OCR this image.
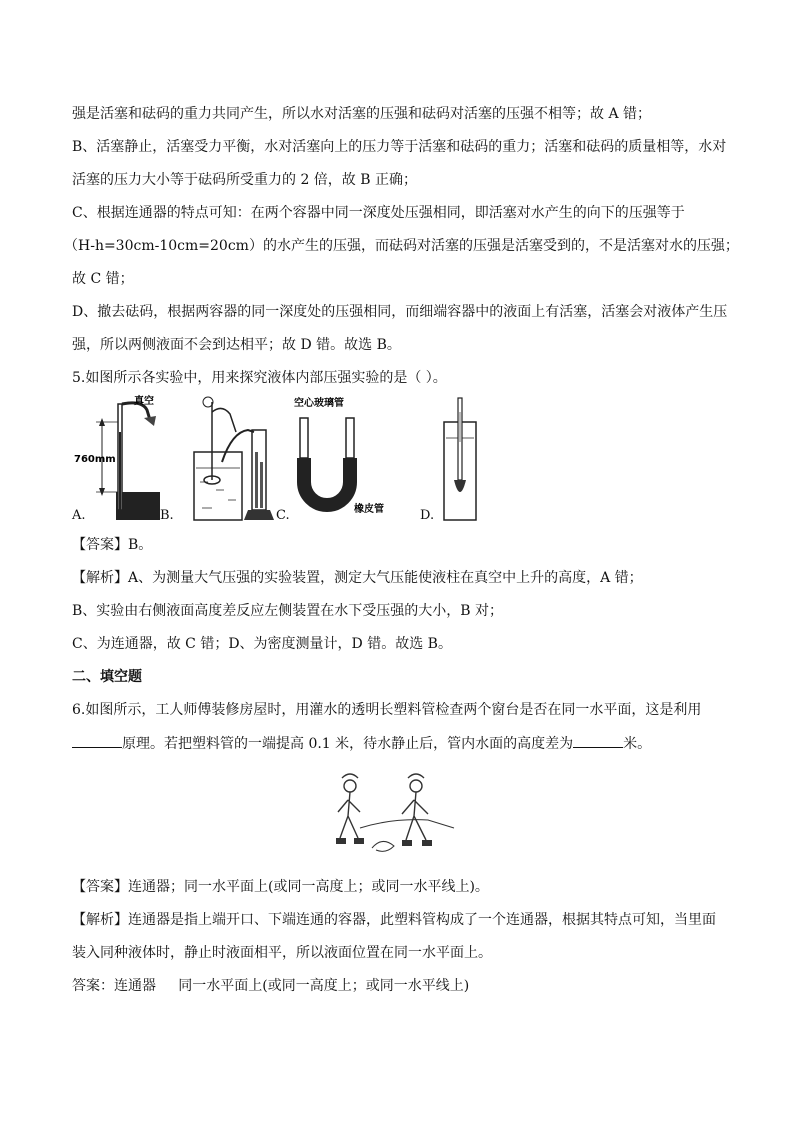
强是活塞和砝码的重力共同产生，所以水对活塞的压强和砝码对活塞的压强不相等；故 A 错；
B、活塞静止，活塞受力平衡，水对活塞向上的压力等于活塞和砝码的重力；活塞和砝码的质量相等，水对
活塞的压力大小等于砝码所受重力的 2 倍，故 B 正确；
C、根据连通器的特点可知：在两个容器中同一深度处压强相同，即活塞对水产生的向下的压强等于
（H-h=30cm-10cm=20cm）的水产生的压强，而砝码对活塞的压强是活塞受到的，不是活塞对水的压强；
故 C 错；
D、撤去砝码，根据两容器的同一深度处的压强相同，而细端容器中的液面上有活塞，活塞会对液体产生压
强，所以两侧液面不会到达相平；故 D 错。故选 B。
5.如图所示各实验中，用来探究液体内部压强实验的是（ ）。
真空
760mm
空心玻璃管
橡皮管
A.	B.	C.	D.
【答案】B。
【解析】A、为测量大气压强的实验装置，测定大气压能使液柱在真空中上升的高度，A 错；
B、实验由右侧液面高度差反应左侧装置在水下受压强的大小，B 对；
C、为连通器，故 C 错；D、为密度测量计，D 错。故选 B。
二、填空题
6.如图所示，工人师傅装修房屋时，用灌水的透明长塑料管检查两个窗台是否在同一水平面，这是利用
原理。若把塑料管的一端提高 0.1 米，待水静止后，管内水面的高度差为	米。
【答案】连通器；同一水平面上(或同一高度上；或同一水平线上)。
【解析】连通器是指上端开口、下端连通的容器，此塑料管构成了一个连通器，根据其特点可知，当里面
装入同种液体时，静止时液面相平，所以液面位置在同一水平面上。
答案：连通器     同一水平面上(或同一高度上；或同一水平线上)
